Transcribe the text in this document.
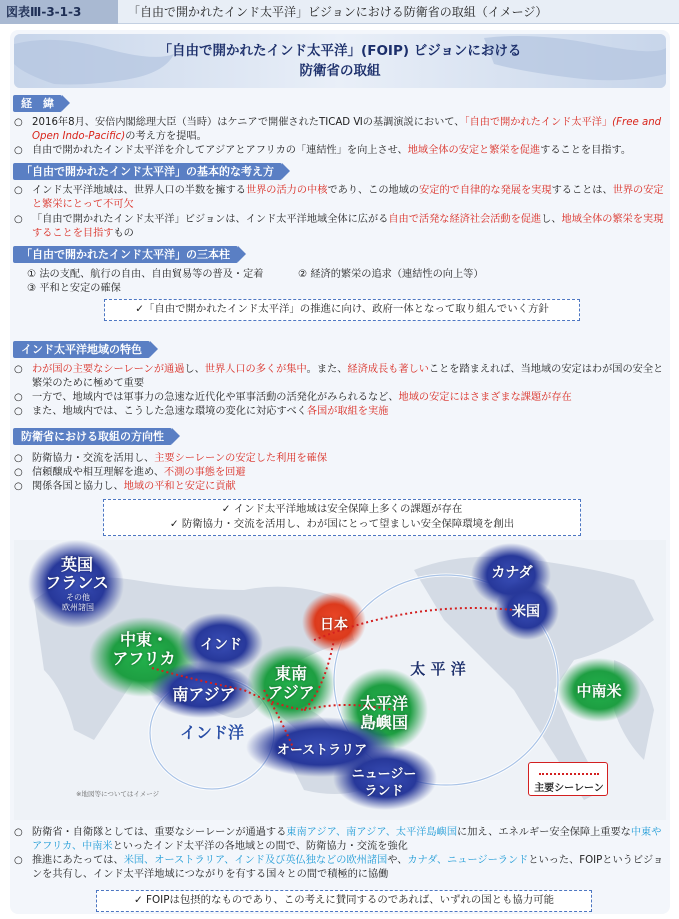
図表Ⅲ-3-1-3	「自由で開かれたインド太平洋」ビジョンにおける防衛省の取組（イメージ）
「自由で開かれたインド太平洋」(FOIP) ビジョンにおける
防衛省の取組
経　緯
○ 2016年8月、安倍内閣総理大臣（当時）はケニアで開催されたTICAD Ⅵの基調演説において、「自由で開かれたインド太平洋」(Free and Open Indo-Pacific)の考え方を提唱。
○ 自由で開かれたインド太平洋を介してアジアとアフリカの「連結性」を向上させ、地域全体の安定と繁栄を促進することを目指す。
「自由で開かれたインド太平洋」の基本的な考え方
○ インド太平洋地域は、世界人口の半数を擁する世界の活力の中核であり、この地域の安定的で自律的な発展を実現することは、世界の安定と繁栄にとって不可欠
○ 「自由で開かれたインド太平洋」ビジョンは、インド太平洋地域全体に広がる自由で活発な経済社会活動を促進し、地域全体の繁栄を実現することを目指すもの
「自由で開かれたインド太平洋」の三本柱
① 法の支配、航行の自由、自由貿易等の普及・定着	② 経済的繁栄の追求（連結性の向上等）
③ 平和と安定の確保
✓「自由で開かれたインド太平洋」の推進に向け、政府一体となって取り組んでいく方針
インド太平洋地域の特色
○ わが国の主要なシーレーンが通過し、世界人口の多くが集中。また、経済成長も著しいことを踏まえれば、当地域の安定はわが国の安全と繁栄のために極めて重要
○ 一方で、地域内では軍事力の急速な近代化や軍事活動の活発化がみられるなど、地域の安定にはさまざまな課題が存在
○ また、地域内では、こうした急速な環境の変化に対応すべく各国が取組を実施
防衛省における取組の方向性
○ 防衛協力・交流を活用し、主要シーレーンの安定した利用を確保
○ 信頼醸成や相互理解を進め、不測の事態を回避
○ 関係各国と協力し、地域の平和と安定に貢献
✓ インド太平洋地域は安全保障上多くの課題が存在
✓ 防衛協力・交流を活用し、わが国にとって望ましい安全保障環境を創出
英国
フランス
その他
欧州諸国
カナダ
米国
日本
中東・
アフリカ
インド
南アジア
東南
アジア
太平洋
島嶼国
中南米
太 平 洋
インド洋
オーストラリア
ニュージー
ランド	主要シーレーン
※地図等についてはイメージ
○ 防衛省・自衛隊としては、重要なシーレーンが通過する東南アジア、南アジア、太平洋島嶼国に加え、エネルギー安全保障上重要な中東やアフリカ、中南米といったインド太平洋の各地域との間で、防衛協力・交流を強化
○ 推進にあたっては、米国、オーストラリア、インド及び英仏独などの欧州諸国や、カナダ、ニュージーランドといった、FOIPというビジョンを共有し、インド太平洋地域につながりを有する国々との間で積極的に協働
✓ FOIPは包摂的なものであり、この考えに賛同するのであれば、いずれの国とも協力可能
